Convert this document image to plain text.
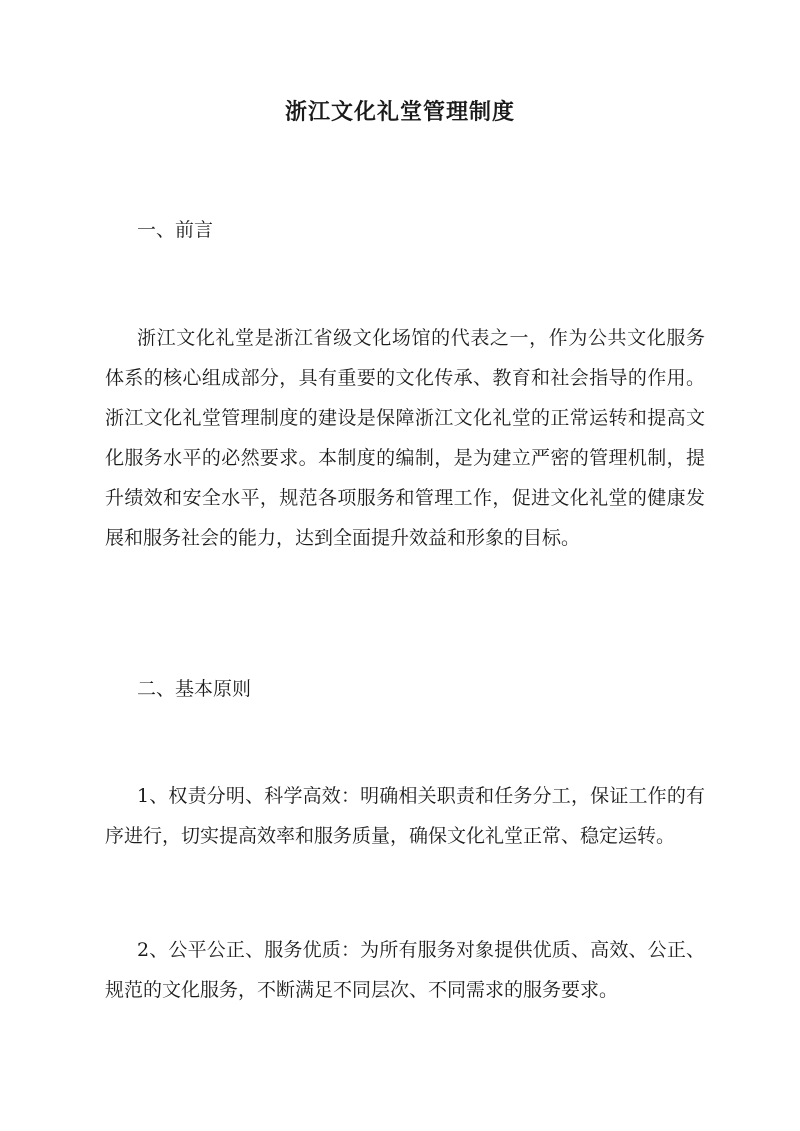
浙江文化礼堂管理制度
一、前言
浙江文化礼堂是浙江省级文化场馆的代表之一，作为公共文化服务体系的核心组成部分，具有重要的文化传承、教育和社会指导的作用。浙江文化礼堂管理制度的建设是保障浙江文化礼堂的正常运转和提高文化服务水平的必然要求。本制度的编制，是为建立严密的管理机制，提升绩效和安全水平，规范各项服务和管理工作，促进文化礼堂的健康发展和服务社会的能力，达到全面提升效益和形象的目标。
二、基本原则
1、权责分明、科学高效：明确相关职责和任务分工，保证工作的有序进行，切实提高效率和服务质量，确保文化礼堂正常、稳定运转。
2、公平公正、服务优质：为所有服务对象提供优质、高效、公正、规范的文化服务，不断满足不同层次、不同需求的服务要求。
